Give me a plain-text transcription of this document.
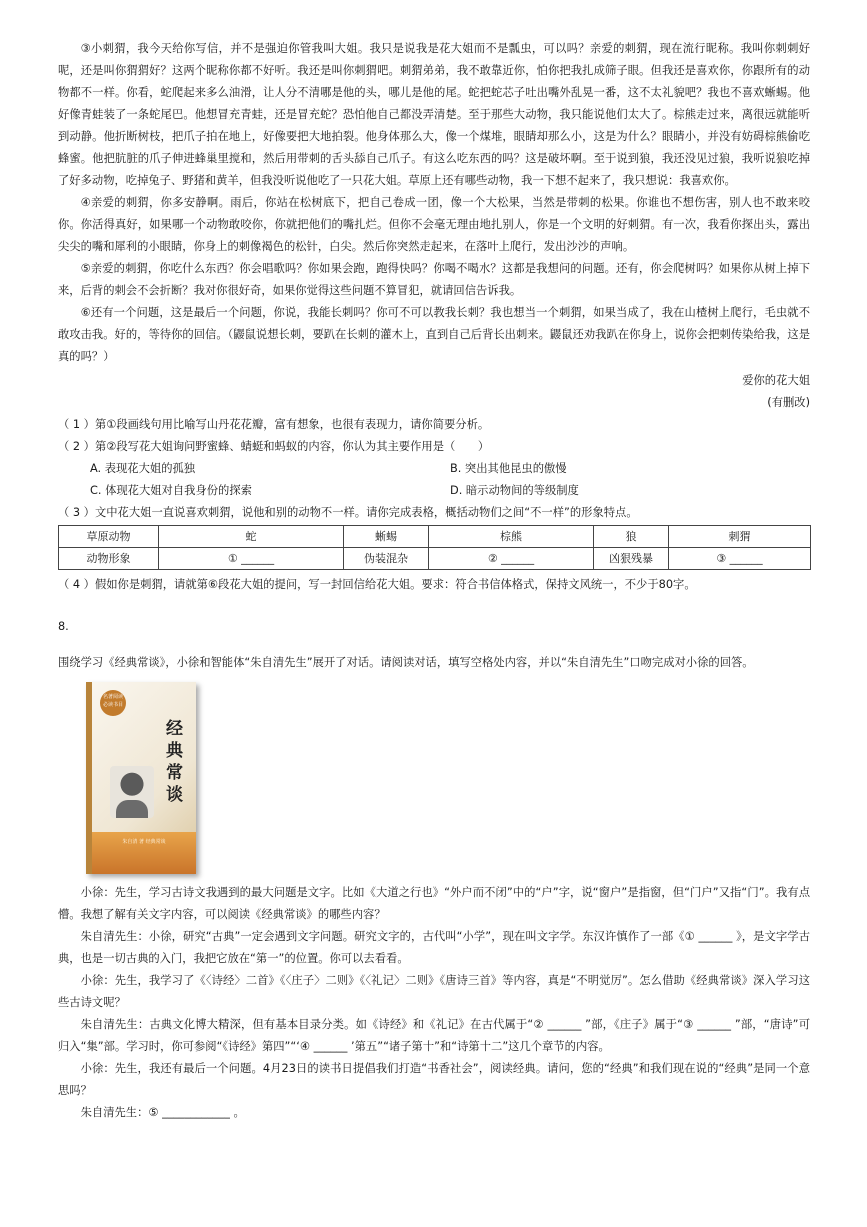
③小刺猬，我今天给你写信，并不是强迫你管我叫大姐。我只是说我是花大姐而不是瓢虫，可以吗？亲爱的刺猬，现在流行昵称。我叫你刺刺好呢，还是叫你猬猬好？这两个昵称你都不好听。我还是叫你刺猬吧。刺猬弟弟，我不敢靠近你，怕你把我扎成筛子眼。但我还是喜欢你，你跟所有的动物都不一样。你看，蛇爬起来多么油滑，让人分不清哪是他的头，哪儿是他的尾。蛇把蛇芯子吐出嘴外乱晃一番，这不太礼貌吧？我也不喜欢蜥蜴。他好像青蛙装了一条蛇尾巴。他想冒充青蛙，还是冒充蛇？恐怕他自己都没弄清楚。至于那些大动物，我只能说他们太大了。棕熊走过来，离很远就能听到动静。他折断树枝，把爪子拍在地上，好像要把大地拍裂。他身体那么大，像一个煤堆，眼睛却那么小，这是为什么？眼睛小，并没有妨碍棕熊偷吃蜂蜜。他把肮脏的爪子伸进蜂巢里搅和，然后用带刺的舌头舔自己爪子。有这么吃东西的吗？这是破坏啊。至于说到狼，我还没见过狼，我听说狼吃掉了好多动物，吃掉兔子、野猪和黄羊，但我没听说他吃了一只花大姐。草原上还有哪些动物，我一下想不起来了，我只想说：我喜欢你。

④亲爱的刺猬，你多安静啊。雨后，你站在松树底下，把自己卷成一团，像一个大松果，当然是带刺的松果。你谁也不想伤害，别人也不敢来咬你。你活得真好，如果哪一个动物敢咬你，你就把他们的嘴扎烂。但你不会毫无理由地扎别人，你是一个文明的好刺猬。有一次，我看你探出头，露出尖尖的嘴和犀利的小眼睛，你身上的刺像褐色的松针，白尖。然后你突然走起来，在落叶上爬行，发出沙沙的声响。

⑤亲爱的刺猬，你吃什么东西？你会唱歌吗？你如果会跑，跑得快吗？你喝不喝水？这都是我想问的问题。还有，你会爬树吗？如果你从树上掉下来，后背的刺会不会折断？我对你很好奇，如果你觉得这些问题不算冒犯，就请回信告诉我。

⑥还有一个问题，这是最后一个问题，你说，我能长刺吗？你可不可以教我长刺？我也想当一个刺猬，如果当成了，我在山楂树上爬行，毛虫就不敢攻击我。好的，等待你的回信。（鼹鼠说想长刺，要趴在长刺的灌木上，直到自己后背长出刺来。鼹鼠还劝我趴在你身上，说你会把刺传染给我，这是真的吗？）

爱你的花大姐

(有删改)

（ 1 ）第①段画线句用比喻写山丹花花瓣，富有想象，也很有表现力，请你简要分析。

（ 2 ）第②段写花大姐询问野蜜蜂、蜻蜓和蚂蚁的内容，你认为其主要作用是（　　）

A. 表现花大姐的孤独	B. 突出其他昆虫的傲慢
C. 体现花大姐对自我身份的探索	D. 暗示动物间的等级制度

（ 3 ）文中花大姐一直说喜欢刺猬，说他和别的动物不一样。请你完成表格，概括动物们之间“不一样”的形象特点。

草原动物	蛇	蜥蜴	棕熊	狼	刺猬
动物形象	① ______	伪装混杂	② ______	凶狠残暴	③ ______

（ 4 ）假如你是刺猬，请就第⑥段花大姐的提问，写一封回信给花大姐。要求：符合书信体格式，保持文风统一，不少于80字。

8.

围绕学习《经典常谈》，小徐和智能体“朱自清先生”展开了对话。请阅读对话，填写空格处内容，并以“朱自清先生”口吻完成对小徐的回答。

名著阅读 必读书目
经典常谈
朱自清 著 经典常谈

小徐：先生，学习古诗文我遇到的最大问题是文字。比如《大道之行也》“外户而不闭”中的“户”字，说“窗户”是指窗，但“门户”又指“门”。我有点懵。我想了解有关文字内容，可以阅读《经典常谈》的哪些内容？

朱自清先生：小徐，研究“古典”一定会遇到文字问题。研究文字的，古代叫“小学”，现在叫文字学。东汉许慎作了一部《① ______ 》，是文字学古典，也是一切古典的入门，我把它放在“第一”的位置。你可以去看看。

小徐：先生，我学习了《〈诗经〉二首》《〈庄子〉二则》《〈礼记〉二则》《唐诗三首》等内容，真是“不明觉厉”。怎么借助《经典常谈》深入学习这些古诗文呢？

朱自清先生：古典文化博大精深，但有基本目录分类。如《诗经》和《礼记》在古代属于“② ______ ”部，《庄子》属于“③ ______ ”部，“唐诗”可归入“集”部。学习时，你可参阅“《诗经》第四”“‘④ ______ ’第五”“诸子第十”和“诗第十二”这几个章节的内容。

小徐：先生，我还有最后一个问题。4月23日的读书日提倡我们打造“书香社会”，阅读经典。请问，您的“经典”和我们现在说的“经典”是同一个意思吗？

朱自清先生：⑤ ____________ 。
